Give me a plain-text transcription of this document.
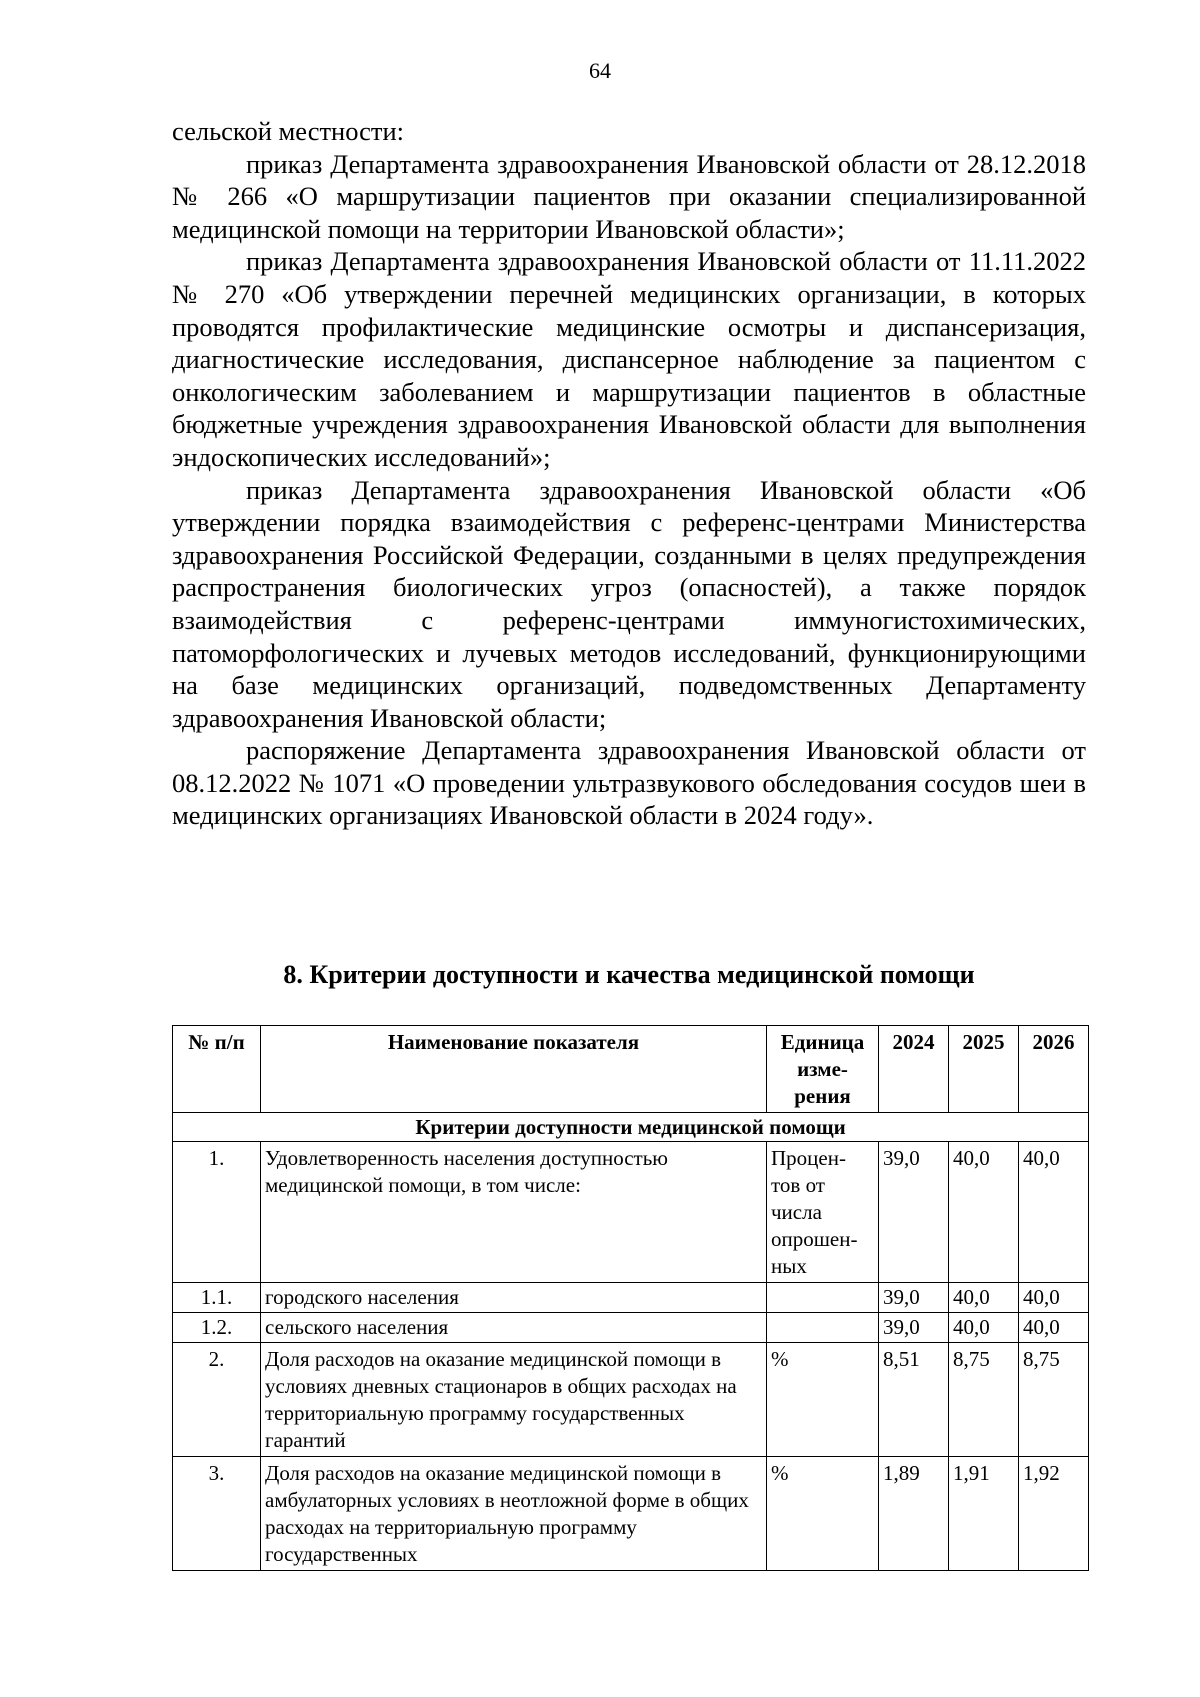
64

сельской местности:

приказ Департамента здравоохранения Ивановской области от 28.12.2018 № 266 «О маршрутизации пациентов при оказании специализированной медицинской помощи на территории Ивановской области»;

приказ Департамента здравоохранения Ивановской области от 11.11.2022 № 270 «Об утверждении перечней медицинских организации, в которых проводятся профилактические медицинские осмотры и диспансеризация, диагностические исследования, диспансерное наблюдение за пациентом с онкологическим заболеванием и маршрутизации пациентов в областные бюджетные учреждения здравоохранения Ивановской области для выполнения эндоскопических исследований»;

приказ Департамента здравоохранения Ивановской области «Об утверждении порядка взаимодействия с референс-центрами Министерства здравоохранения Российской Федерации, созданными в целях предупреждения распространения биологических угроз (опасностей), а также порядок взаимодействия с референс-центрами иммуногистохимических, патоморфологических и лучевых методов исследований, функционирующими на базе медицинских организаций, подведомственных Департаменту здравоохранения Ивановской области;

распоряжение Департамента здравоохранения Ивановской области от 08.12.2022 № 1071 «О проведении ультразвукового обследования сосудов шеи в медицинских организациях Ивановской области в 2024 году».

8. Критерии доступности и качества медицинской помощи
№ п/п	Наименование показателя	Единица изме-рения	2024	2025	2026
Критерии доступности медицинской помощи					
1.	Удовлетворенность населения доступностью медицинской помощи, в том числе:	Процен-тов от числа опрошен-ных	39,0	40,0	40,0
1.1.	городского населения		39,0	40,0	40,0
1.2.	сельского населения		39,0	40,0	40,0
2.	Доля расходов на оказание медицинской помощи в условиях дневных стационаров в общих расходах на территориальную программу государственных гарантий	%	8,51	8,75	8,75
3.	Доля расходов на оказание медицинской помощи в амбулаторных условиях в неотложной форме в общих расходах на территориальную программу государственных	%	1,89	1,91	1,92
